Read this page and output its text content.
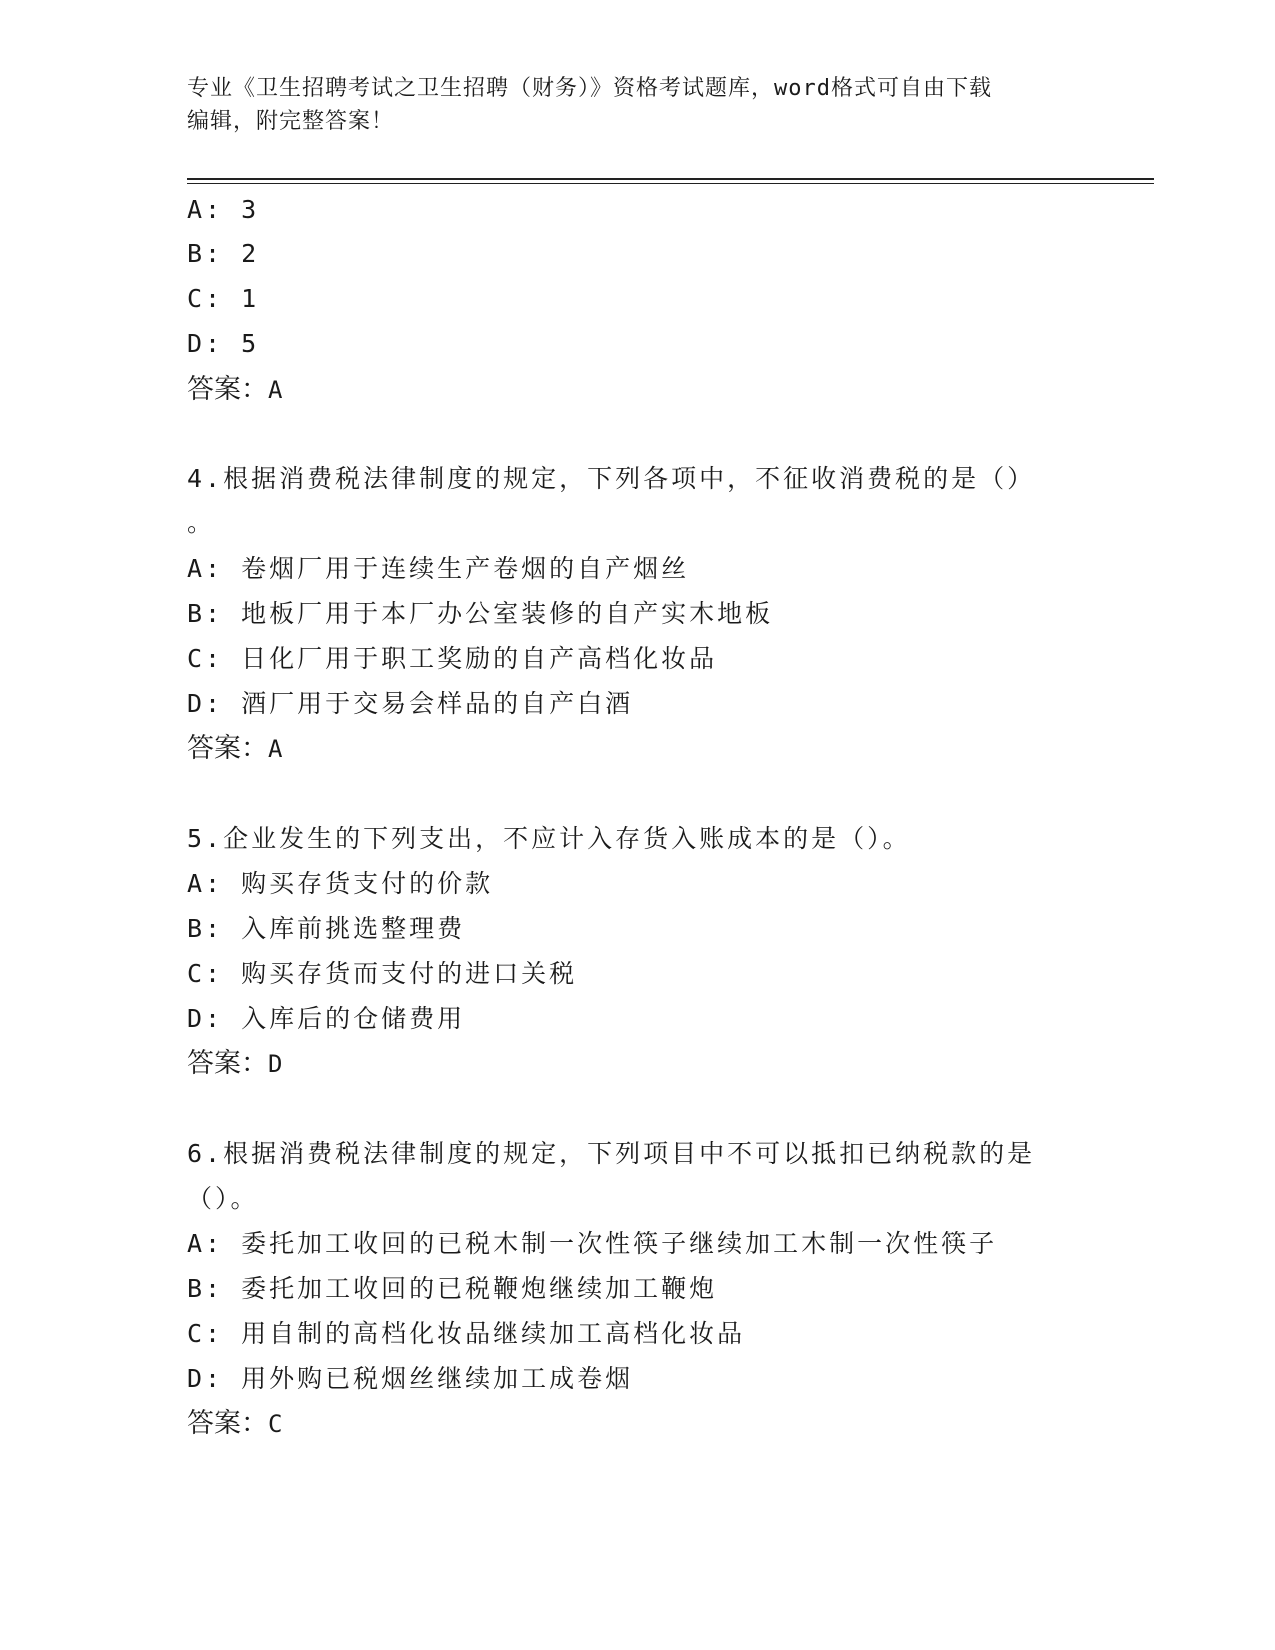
专业《卫生招聘考试之卫生招聘（财务）》资格考试题库，word格式可自由下载
编辑，附完整答案！
A: 3
B: 2
C: 1
D: 5
答案：A
4.根据消费税法律制度的规定，下列各项中，不征收消费税的是（）
。
A: 卷烟厂用于连续生产卷烟的自产烟丝
B: 地板厂用于本厂办公室装修的自产实木地板
C: 日化厂用于职工奖励的自产高档化妆品
D: 酒厂用于交易会样品的自产白酒
答案：A
5.企业发生的下列支出，不应计入存货入账成本的是（）。
A: 购买存货支付的价款
B: 入库前挑选整理费
C: 购买存货而支付的进口关税
D: 入库后的仓储费用
答案：D
6.根据消费税法律制度的规定，下列项目中不可以抵扣已纳税款的是
（）。
A: 委托加工收回的已税木制一次性筷子继续加工木制一次性筷子
B: 委托加工收回的已税鞭炮继续加工鞭炮
C: 用自制的高档化妆品继续加工高档化妆品
D: 用外购已税烟丝继续加工成卷烟
答案：C
